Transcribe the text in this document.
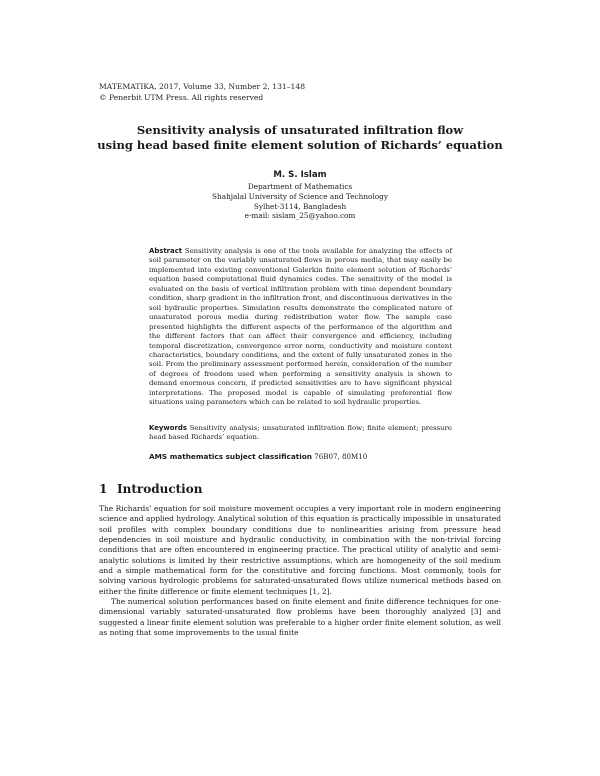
MATEMATIKA, 2017, Volume 33, Number 2, 131–148
© Penerbit UTM Press. All rights reserved
Sensitivity analysis of unsaturated infiltration flow
using head based finite element solution of Richards’ equation
M. S. Islam
Department of Mathematics
Shahjalal University of Science and Technology
Sylhet-3114, Bangladesh
e-mail: sislam_25@yahoo.com
Abstract Sensitivity analysis is one of the tools available for analyzing the effects of soil parameter on the variably unsaturated flows in porous media, that may easily be implemented into existing conventional Galerkin finite element solution of Richards’ equation based computational fluid dynamics codes. The sensitivity of the model is evaluated on the basis of vertical infiltration problem with time dependent boundary condition, sharp gradient in the infiltration front, and discontinuous derivatives in the soil hydraulic properties. Simulation results demonstrate the complicated nature of unsaturated porous media during redistribution water flow. The sample case presented highlights the different aspects of the performance of the algorithm and the different factors that can affect their convergence and efficiency, including temporal discretization, convergence error norm, conductivity and moisture content characteristics, boundary conditions, and the extent of fully unsaturated zones in the soil. From the preliminary assessment performed herein, consideration of the number of degrees of freedom used when performing a sensitivity analysis is shown to demand enormous concern, if predicted sensitivities are to have significant physical interpretations. The proposed model is capable of simulating preferential flow situations using parameters which can be related to soil hydraulic properties.
Keywords Sensitivity analysis; unsaturated infiltration flow; finite element; pressure head based Richards’ equation.
AMS mathematics subject classification 76B07, 80M10
1 Introduction

The Richards’ equation for soil moisture movement occupies a very important role in modern engineering science and applied hydrology. Analytical solution of this equation is practically impossible in unsaturated soil profiles with complex boundary conditions due to nonlinearities arising from pressure head dependencies in soil moisture and hydraulic conductivity, in combination with the non-trivial forcing conditions that are often encountered in engineering practice. The practical utility of analytic and semi-analytic solutions is limited by their restrictive assumptions, which are homogeneity of the soil medium and a simple mathematical form for the constitutive and forcing functions. Most commonly, tools for solving various hydrologic problems for saturated-unsaturated flows utilize numerical methods based on either the finite difference or finite element techniques [1, 2].

The numerical solution performances based on finite element and finite difference techniques for one-dimensional variably saturated-unsaturated flow problems have been thoroughly analyzed [3] and suggested a linear finite element solution was preferable to a higher order finite element solution, as well as noting that some improvements to the usual finite
